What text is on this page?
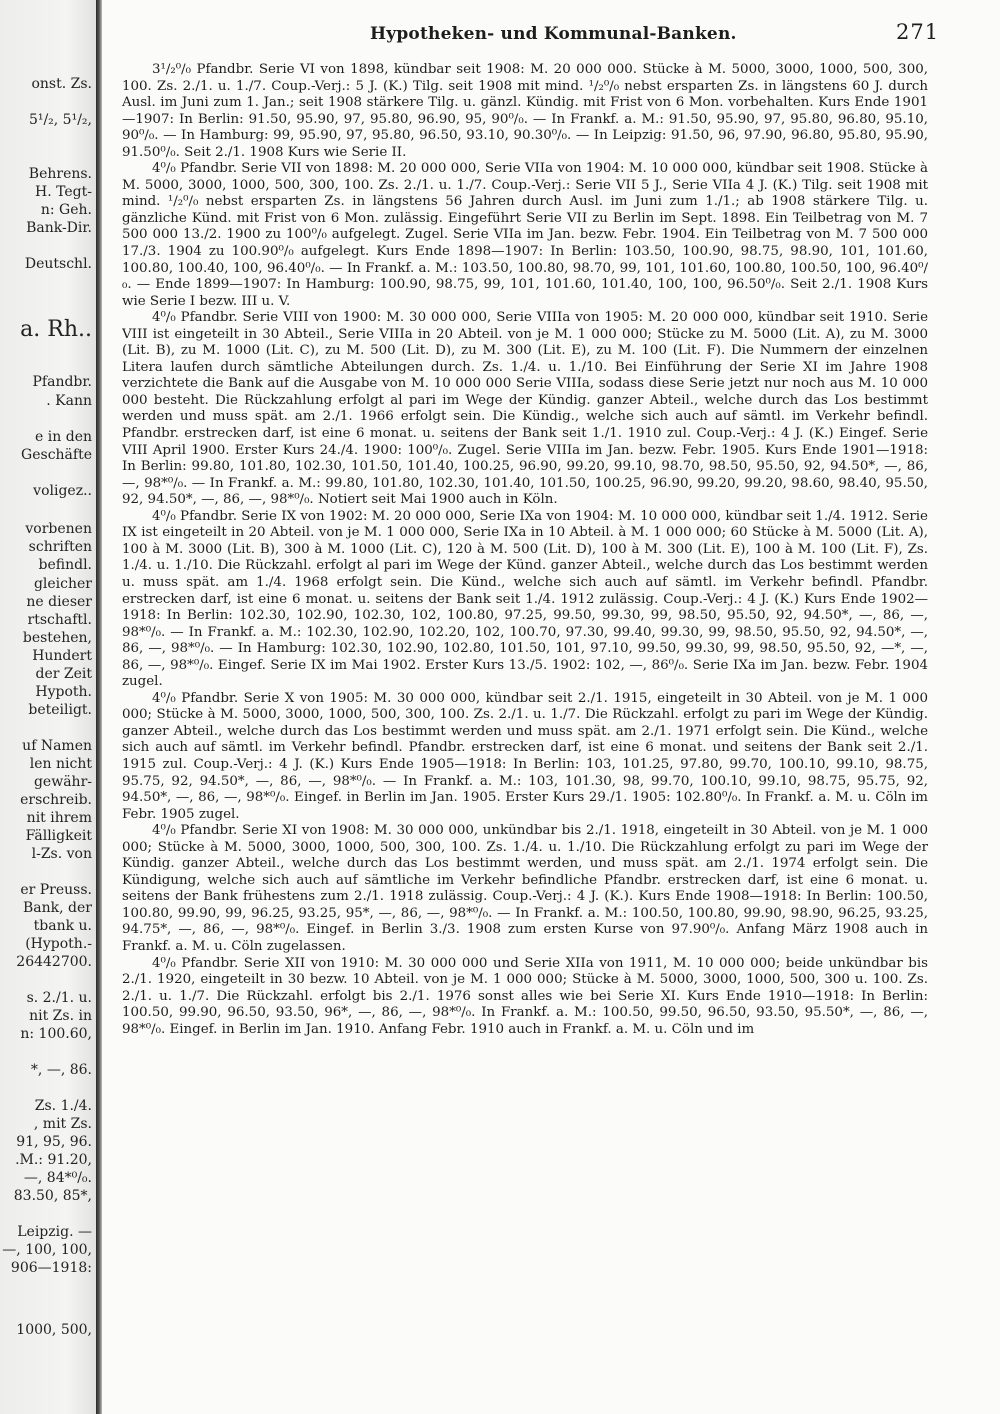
onst. Zs.
5¹/₂, 5¹/₂,
Behrens.
H. Tegt-
n: Geh.
Bank-Dir.
Deutschl.
a. Rh..
Pfandbr.
. Kann
e in den
Geschäfte
voligez..
vorbenen
schriften
befindl.
gleicher
ne dieser
rtschaftl.
bestehen,
Hundert
der Zeit
Hypoth.
beteiligt.
uf Namen
len nicht
gewähr-
erschreib.
nit ihrem
Fälligkeit
l-Zs. von
er Preuss.
Bank, der
tbank u.
(Hypoth.-
26442700.
s. 2./1. u.
nit Zs. in
n: 100.60,
*, —, 86.
Zs. 1./4.
, mit Zs.
91, 95, 96.
.M.: 91.20,
—, 84*⁰/₀.
83.50, 85*,
Leipzig. —
—, 100, 100,
906—1918:
1000, 500,
Hypotheken- und Kommunal-Banken.	271

3¹/₂⁰/₀ Pfandbr. Serie VI von 1898, kündbar seit 1908: M. 20 000 000. Stücke à M. 5000, 3000, 1000, 500, 300, 100. Zs. 2./1. u. 1./7. Coup.-Verj.: 5 J. (K.) Tilg. seit 1908 mit mind. ¹/₂⁰/₀ nebst ersparten Zs. in längstens 60 J. durch Ausl. im Juni zum 1. Jan.; seit 1908 stärkere Tilg. u. gänzl. Kündig. mit Frist von 6 Mon. vorbehalten. Kurs Ende 1901—1907: In Berlin: 91.50, 95.90, 97, 95.80, 96.90, 95, 90⁰/₀. — In Frankf. a. M.: 91.50, 95.90, 97, 95.80, 96.80, 95.10, 90⁰/₀. — In Hamburg: 99, 95.90, 97, 95.80, 96.50, 93.10, 90.30⁰/₀. — In Leipzig: 91.50, 96, 97.90, 96.80, 95.80, 95.90, 91.50⁰/₀. Seit 2./1. 1908 Kurs wie Serie II.

4⁰/₀ Pfandbr. Serie VII von 1898: M. 20 000 000, Serie VIIa von 1904: M. 10 000 000, kündbar seit 1908. Stücke à M. 5000, 3000, 1000, 500, 300, 100. Zs. 2./1. u. 1./7. Coup.-Verj.: Serie VII 5 J., Serie VIIa 4 J. (K.) Tilg. seit 1908 mit mind. ¹/₂⁰/₀ nebst ersparten Zs. in längstens 56 Jahren durch Ausl. im Juni zum 1./1.; ab 1908 stärkere Tilg. u. gänzliche Künd. mit Frist von 6 Mon. zulässig. Eingeführt Serie VII zu Berlin im Sept. 1898. Ein Teilbetrag von M. 7 500 000 13./2. 1900 zu 100⁰/₀ aufgelegt. Zugel. Serie VIIa im Jan. bezw. Febr. 1904. Ein Teilbetrag von M. 7 500 000 17./3. 1904 zu 100.90⁰/₀ aufgelegt. Kurs Ende 1898—1907: In Berlin: 103.50, 100.90, 98.75, 98.90, 101, 101.60, 100.80, 100.40, 100, 96.40⁰/₀. — In Frankf. a. M.: 103.50, 100.80, 98.70, 99, 101, 101.60, 100.80, 100.50, 100, 96.40⁰/₀. — Ende 1899—1907: In Hamburg: 100.90, 98.75, 99, 101, 101.60, 101.40, 100, 100, 96.50⁰/₀. Seit 2./1. 1908 Kurs wie Serie I bezw. III u. V.

4⁰/₀ Pfandbr. Serie VIII von 1900: M. 30 000 000, Serie VIIIa von 1905: M. 20 000 000, kündbar seit 1910. Serie VIII ist eingeteilt in 30 Abteil., Serie VIIIa in 20 Abteil. von je M. 1 000 000; Stücke zu M. 5000 (Lit. A), zu M. 3000 (Lit. B), zu M. 1000 (Lit. C), zu M. 500 (Lit. D), zu M. 300 (Lit. E), zu M. 100 (Lit. F). Die Nummern der einzelnen Litera laufen durch sämtliche Abteilungen durch. Zs. 1./4. u. 1./10. Bei Einführung der Serie XI im Jahre 1908 verzichtete die Bank auf die Ausgabe von M. 10 000 000 Serie VIIIa, sodass diese Serie jetzt nur noch aus M. 10 000 000 besteht. Die Rückzahlung erfolgt al pari im Wege der Kündig. ganzer Abteil., welche durch das Los bestimmt werden und muss spät. am 2./1. 1966 erfolgt sein. Die Kündig., welche sich auch auf sämtl. im Verkehr befindl. Pfandbr. erstrecken darf, ist eine 6 monat. u. seitens der Bank seit 1./1. 1910 zul. Coup.-Verj.: 4 J. (K.) Eingef. Serie VIII April 1900. Erster Kurs 24./4. 1900: 100⁰/₀. Zugel. Serie VIIIa im Jan. bezw. Febr. 1905. Kurs Ende 1901—1918: In Berlin: 99.80, 101.80, 102.30, 101.50, 101.40, 100.25, 96.90, 99.20, 99.10, 98.70, 98.50, 95.50, 92, 94.50*, —, 86, —, 98*⁰/₀. — In Frankf. a. M.: 99.80, 101.80, 102.30, 101.40, 101.50, 100.25, 96.90, 99.20, 99.20, 98.60, 98.40, 95.50, 92, 94.50*, —, 86, —, 98*⁰/₀. Notiert seit Mai 1900 auch in Köln.

4⁰/₀ Pfandbr. Serie IX von 1902: M. 20 000 000, Serie IXa von 1904: M. 10 000 000, kündbar seit 1./4. 1912. Serie IX ist eingeteilt in 20 Abteil. von je M. 1 000 000, Serie IXa in 10 Abteil. à M. 1 000 000; 60 Stücke à M. 5000 (Lit. A), 100 à M. 3000 (Lit. B), 300 à M. 1000 (Lit. C), 120 à M. 500 (Lit. D), 100 à M. 300 (Lit. E), 100 à M. 100 (Lit. F), Zs. 1./4. u. 1./10. Die Rückzahl. erfolgt al pari im Wege der Künd. ganzer Abteil., welche durch das Los bestimmt werden u. muss spät. am 1./4. 1968 erfolgt sein. Die Künd., welche sich auch auf sämtl. im Verkehr befindl. Pfandbr. erstrecken darf, ist eine 6 monat. u. seitens der Bank seit 1./4. 1912 zulässig. Coup.-Verj.: 4 J. (K.) Kurs Ende 1902—1918: In Berlin: 102.30, 102.90, 102.30, 102, 100.80, 97.25, 99.50, 99.30, 99, 98.50, 95.50, 92, 94.50*, —, 86, —, 98*⁰/₀. — In Frankf. a. M.: 102.30, 102.90, 102.20, 102, 100.70, 97.30, 99.40, 99.30, 99, 98.50, 95.50, 92, 94.50*, —, 86, —, 98*⁰/₀. — In Hamburg: 102.30, 102.90, 102.80, 101.50, 101, 97.10, 99.50, 99.30, 99, 98.50, 95.50, 92, —*, —, 86, —, 98*⁰/₀. Eingef. Serie IX im Mai 1902. Erster Kurs 13./5. 1902: 102, —, 86⁰/₀. Serie IXa im Jan. bezw. Febr. 1904 zugel.

4⁰/₀ Pfandbr. Serie X von 1905: M. 30 000 000, kündbar seit 2./1. 1915, eingeteilt in 30 Abteil. von je M. 1 000 000; Stücke à M. 5000, 3000, 1000, 500, 300, 100. Zs. 2./1. u. 1./7. Die Rückzahl. erfolgt zu pari im Wege der Kündig. ganzer Abteil., welche durch das Los bestimmt werden und muss spät. am 2./1. 1971 erfolgt sein. Die Künd., welche sich auch auf sämtl. im Verkehr befindl. Pfandbr. erstrecken darf, ist eine 6 monat. und seitens der Bank seit 2./1. 1915 zul. Coup.-Verj.: 4 J. (K.) Kurs Ende 1905—1918: In Berlin: 103, 101.25, 97.80, 99.70, 100.10, 99.10, 98.75, 95.75, 92, 94.50*, —, 86, —, 98*⁰/₀. — In Frankf. a. M.: 103, 101.30, 98, 99.70, 100.10, 99.10, 98.75, 95.75, 92, 94.50*, —, 86, —, 98*⁰/₀. Eingef. in Berlin im Jan. 1905. Erster Kurs 29./1. 1905: 102.80⁰/₀. In Frankf. a. M. u. Cöln im Febr. 1905 zugel.

4⁰/₀ Pfandbr. Serie XI von 1908: M. 30 000 000, unkündbar bis 2./1. 1918, eingeteilt in 30 Abteil. von je M. 1 000 000; Stücke à M. 5000, 3000, 1000, 500, 300, 100. Zs. 1./4. u. 1./10. Die Rückzahlung erfolgt zu pari im Wege der Kündig. ganzer Abteil., welche durch das Los bestimmt werden, und muss spät. am 2./1. 1974 erfolgt sein. Die Kündigung, welche sich auch auf sämtliche im Verkehr befindliche Pfandbr. erstrecken darf, ist eine 6 monat. u. seitens der Bank frühestens zum 2./1. 1918 zulässig. Coup.-Verj.: 4 J. (K.). Kurs Ende 1908—1918: In Berlin: 100.50, 100.80, 99.90, 99, 96.25, 93.25, 95*, —, 86, —, 98*⁰/₀. — In Frankf. a. M.: 100.50, 100.80, 99.90, 98.90, 96.25, 93.25, 94.75*, —, 86, —, 98*⁰/₀. Eingef. in Berlin 3./3. 1908 zum ersten Kurse von 97.90⁰/₀. Anfang März 1908 auch in Frankf. a. M. u. Cöln zugelassen.

4⁰/₀ Pfandbr. Serie XII von 1910: M. 30 000 000 und Serie XIIa von 1911, M. 10 000 000; beide unkündbar bis 2./1. 1920, eingeteilt in 30 bezw. 10 Abteil. von je M. 1 000 000; Stücke à M. 5000, 3000, 1000, 500, 300 u. 100. Zs. 2./1. u. 1./7. Die Rückzahl. erfolgt bis 2./1. 1976 sonst alles wie bei Serie XI. Kurs Ende 1910—1918: In Berlin: 100.50, 99.90, 96.50, 93.50, 96*, —, 86, —, 98*⁰/₀. In Frankf. a. M.: 100.50, 99.50, 96.50, 93.50, 95.50*, —, 86, —, 98*⁰/₀. Eingef. in Berlin im Jan. 1910. Anfang Febr. 1910 auch in Frankf. a. M. u. Cöln und im
